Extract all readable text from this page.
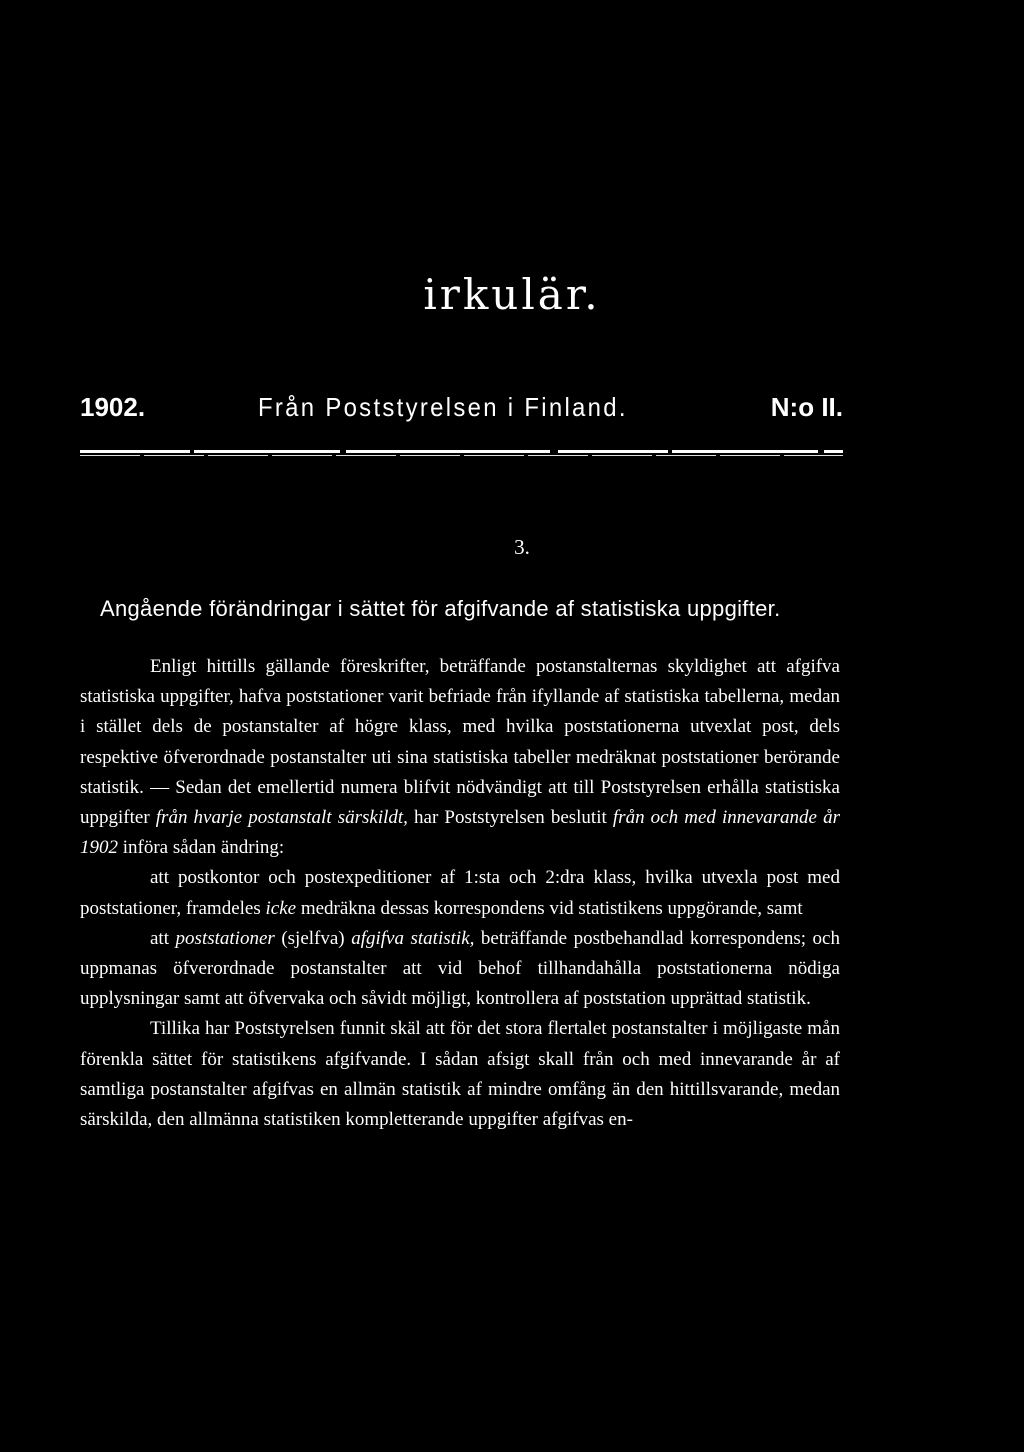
irkulär.
1902.	Från Poststyrelsen i Finland.	N:o II.
3.
Angående förändringar i sättet för afgifvande af statistiska uppgifter.

Enligt hittills gällande föreskrifter, beträffande postanstalternas skyldighet att afgifva statistiska uppgifter, hafva poststationer varit befriade från ifyllande af statistiska tabellerna, medan i stället dels de postanstalter af högre klass, med hvilka poststationerna utvexlat post, dels respektive öfverordnade postanstalter uti sina statistiska tabeller medräknat poststationer berörande statistik. — Sedan det emellertid numera blifvit nödvändigt att till Poststyrelsen erhålla statistiska uppgifter från hvarje postanstalt särskildt, har Poststyrelsen beslutit från och med innevarande år 1902 införa sådan ändring:

att postkontor och postexpeditioner af 1:sta och 2:dra klass, hvilka utvexla post med poststationer, framdeles icke medräkna dessas korrespondens vid statistikens uppgörande, samt

att poststationer (sjelfva) afgifva statistik, beträffande postbehandlad korrespondens; och uppmanas öfverordnade postanstalter att vid behof tillhandahålla poststationerna nödiga upplysningar samt att öfvervaka och såvidt möjligt, kontrollera af poststation upprättad statistik.

Tillika har Poststyrelsen funnit skäl att för det stora flertalet postanstalter i möjligaste mån förenkla sättet för statistikens afgifvande. I sådan afsigt skall från och med innevarande år af samtliga postanstalter afgifvas en allmän statistik af mindre omfång än den hittillsvarande, medan särskilda, den allmänna statistiken kompletterande uppgifter afgifvas en-
